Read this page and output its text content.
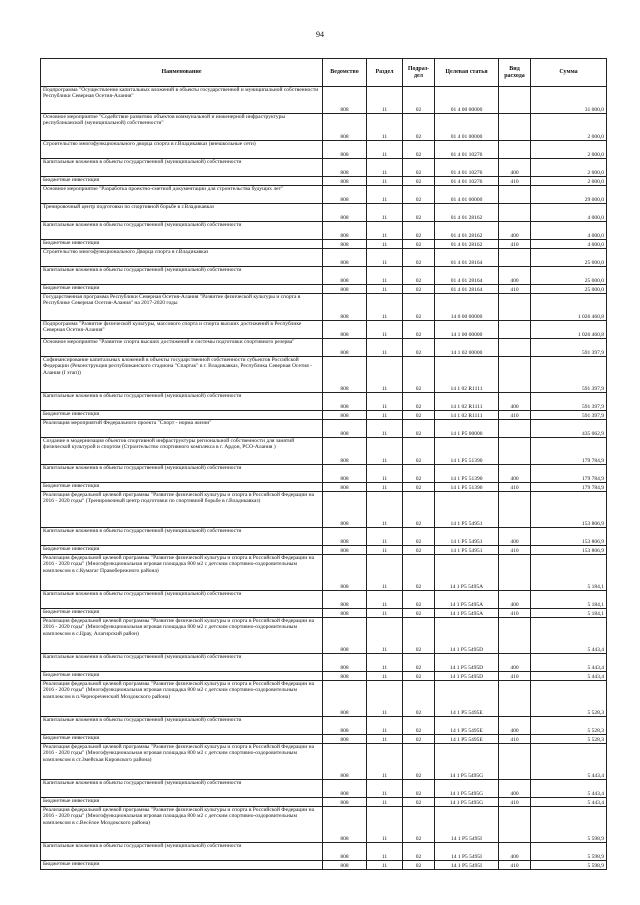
94
Наименование	Ведомство	Раздел	Подраз-дел	Целевая статья	Вид расхода	Сумма
Подпрограмма "Осуществление капитальных вложений в объекты государственной и муниципальной собственности Республики Северная Осетия-Алания"	808	11	02	01 4 00 00000		31 000,0
Основное мероприятие "Содействие развитию объектов коммунальной и инженерной инфраструктуры республиканской (муниципальной) собственности"	808	11	02	01 4 01 00000		2 000,0
Строительство многофункционального дворца спорта в г.Владикавказ (внешкольные сети)	808	11	02	01 4 01 10276		2 000,0
Капитальные вложения в объекты государственной (муниципальной) собственности	808	11	02	01 4 01 10276	400	2 000,0
Бюджетные инвестиции	808	11	02	01 4 01 10276	410	2 000,0
Основное мероприятие "Разработка проектно-сметной документации для строительства будущих лет"	808	11	02	01 4 01 00000		29 000,0
Тренировочный центр подготовки по спортивной борьбе в г.Владикавказ	808	11	02	01 4 01 28162		4 000,0
Капитальные вложения в объекты государственной (муниципальной) собственности	808	11	02	01 4 01 28162	400	4 000,0
Бюджетные инвестиции	808	11	02	01 4 01 28162	410	4 000,0
Строительство многофункционального Дворца спорта в г.Владикавказ	808	11	02	01 4 01 28164		25 000,0
Капитальные вложения в объекты государственной (муниципальной) собственности	808	11	02	01 4 01 28164	400	25 000,0
Бюджетные инвестиции	808	11	02	01 4 01 28164	410	25 000,0
Государственная программа Республики Северная Осетия-Алания "Развитие физической культуры и спорта в Республике Северная Осетия-Алания" на 2017-2020 годы	808	11	02	14 0 00 00000		1 026 460,8
Подпрограмма "Развитие физической культуры, массового спорта и спорта высших достижений в Республике Северная Осетия-Алания"	808	11	02	14 1 00 00000		1 026 460,8
Основное мероприятие "Развитие спорта высших достижений и системы подготовки спортивного резерва"	808	11	02	14 1 02 00000		591 397,9
Софинансирование капитальных вложений в объекты государственной собственности субъектов Российской Федерации (Реконструкция республиканского стадиона "Спартак" в г. Владикавказ, Республика Северная Осетия - Алания (I этап))	808	11	02	14 1 02 R1111		591 397,9
Капитальные вложения в объекты государственной (муниципальной) собственности	808	11	02	14 1 02 R1111	400	591 397,9
Бюджетные инвестиции	808	11	02	14 1 02 R1111	410	591 397,9
Реализация мероприятий Федерального проекта "Спорт - норма жизни"	808	11	02	14 1 P5 00000		435 062,9
Создание и модернизация объектов спортивной инфраструктуры региональной собственности для занятий физической культурой и спортом (Строительство спортивного комплекса в г. Ардон, РСО-Алания )	808	11	02	14 1 P5 51390		179 784,9
Капитальные вложения в объекты государственной (муниципальной) собственности	808	11	02	14 1 P5 51390	400	179 784,9
Бюджетные инвестиции	808	11	02	14 1 P5 51390	410	179 784,9
Реализация федеральной целевой программы "Развитие физической культуры и спорта в Российской Федерации на 2016 - 2020 годы" (Тренировочный центр подготовки по спортивной борьбе в г.Владикавказ)	808	11	02	14 1 P5 54951		153 806,9
Капитальные вложения в объекты государственной (муниципальной) собственности	808	11	02	14 1 P5 54951	400	153 806,9
Бюджетные инвестиции	808	11	02	14 1 P5 54951	410	153 806,9
Реализация федеральной целевой программы "Развитие физической культуры и спорта в Российской Федерации на 2016 - 2020 годы" (Многофункциональная игровая площадка 800 м2 с детским спортивно-оздоровительным комплексом в с.Кумагаг Правобережного района)	808	11	02	14 1 P5 5495A		5 184,1
Капитальные вложения в объекты государственной (муниципальной) собственности	808	11	02	14 1 P5 5495A	400	5 184,1
Бюджетные инвестиции	808	11	02	14 1 P5 5495A	410	5 184,1
Реализация федеральной целевой программы "Развитие физической культуры и спорта в Российской Федерации на 2016 - 2020 годы" (Многофункциональная игровая площадка 800 м2 с детским спортивно-оздоровительным комплексом в с.Црау, Алагирский район)	808	11	02	14 1 P5 5495D		5 443,4
Капитальные вложения в объекты государственной (муниципальной) собственности	808	11	02	14 1 P5 5495D	400	5 443,4
Бюджетные инвестиции	808	11	02	14 1 P5 5495D	410	5 443,4
Реализация федеральной целевой программы "Развитие физической культуры и спорта в Российской Федерации на 2016 - 2020 годы" (Многофункциональная игровая площадка 800 м2 с детским спортивно-оздоровительным комплексом в п.Чернореченский Моздокского района)	808	11	02	14 1 P5 5495E		5 528,3
Капитальные вложения в объекты государственной (муниципальной) собственности	808	11	02	14 1 P5 5495E	400	5 528,3
Бюджетные инвестиции	808	11	02	14 1 P5 5495E	410	5 528,3
Реализация федеральной целевой программы "Развитие физической культуры и спорта в Российской Федерации на 2016 - 2020 годы" (Многофункциональная игровая площадка 800 м2 с детским спортивно-оздоровительным комплексом в ст.Змейская Кировского района)	808	11	02	14 1 P5 5495G		5 443,4
Капитальные вложения в объекты государственной (муниципальной) собственности	808	11	02	14 1 P5 5495G	400	5 443,4
Бюджетные инвестиции	808	11	02	14 1 P5 5495G	410	5 443,4
Реализация федеральной целевой программы "Развитие физической культуры и спорта в Российской Федерации на 2016 - 2020 годы" (Многофункциональная игровая площадка 800 м2 с детским спортивно-оздоровительным комплексом в с.Весёлое Моздокского района)	808	11	02	14 1 P5 5495I		5 598,9
Капитальные вложения в объекты государственной (муниципальной) собственности	808	11	02	14 1 P5 5495I	400	5 598,9
Бюджетные инвестиции	808	11	02	14 1 P5 5495I	410	5 598,9
